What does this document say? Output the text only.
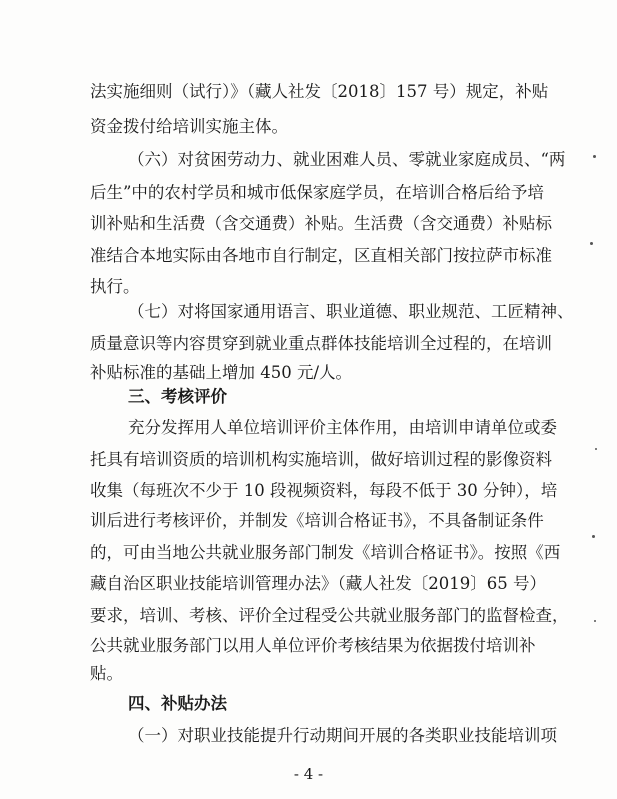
法实施细则（试行）》（藏人社发〔2018〕157 号）规定，补贴
资金拨付给培训实施主体。
（六）对贫困劳动力、就业困难人员、零就业家庭成员、“两
后生”中的农村学员和城市低保家庭学员，在培训合格后给予培
训补贴和生活费（含交通费）补贴。生活费（含交通费）补贴标
准结合本地实际由各地市自行制定，区直相关部门按拉萨市标准
执行。
（七）对将国家通用语言、职业道德、职业规范、工匠精神、
质量意识等内容贯穿到就业重点群体技能培训全过程的，在培训
补贴标准的基础上增加 450 元/人。
三、考核评价
充分发挥用人单位培训评价主体作用，由培训申请单位或委
托具有培训资质的培训机构实施培训，做好培训过程的影像资料
收集（每班次不少于 10 段视频资料，每段不低于 30 分钟），培
训后进行考核评价，并制发《培训合格证书》，不具备制证条件
的，可由当地公共就业服务部门制发《培训合格证书》。按照《西
藏自治区职业技能培训管理办法》（藏人社发〔2019〕65 号）
要求，培训、考核、评价全过程受公共就业服务部门的监督检查，
公共就业服务部门以用人单位评价考核结果为依据拨付培训补
贴。
四、补贴办法
（一）对职业技能提升行动期间开展的各类职业技能培训项
- 4 -
